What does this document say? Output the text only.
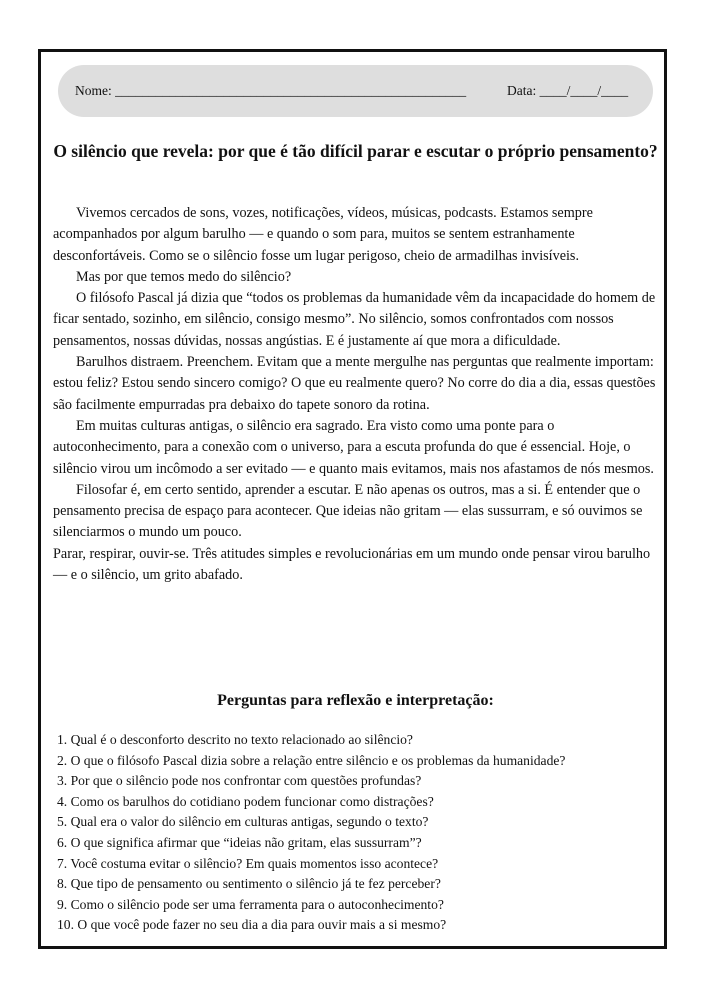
Nome: ____________________________________________________	Data: ____/____/____
O silêncio que revela: por que é tão difícil parar e escutar o próprio pensamento?

Vivemos cercados de sons, vozes, notificações, vídeos, músicas, podcasts. Estamos sempre acompanhados por algum barulho — e quando o som para, muitos se sentem estranhamente desconfortáveis. Como se o silêncio fosse um lugar perigoso, cheio de armadilhas invisíveis.

Mas por que temos medo do silêncio?

O filósofo Pascal já dizia que “todos os problemas da humanidade vêm da incapacidade do homem de ficar sentado, sozinho, em silêncio, consigo mesmo”. No silêncio, somos confrontados com nossos pensamentos, nossas dúvidas, nossas angústias. E é justamente aí que mora a dificuldade.

Barulhos distraem. Preenchem. Evitam que a mente mergulhe nas perguntas que realmente importam: estou feliz? Estou sendo sincero comigo? O que eu realmente quero? No corre do dia a dia, essas questões são facilmente empurradas pra debaixo do tapete sonoro da rotina.

Em muitas culturas antigas, o silêncio era sagrado. Era visto como uma ponte para o autoconhecimento, para a conexão com o universo, para a escuta profunda do que é essencial. Hoje, o silêncio virou um incômodo a ser evitado — e quanto mais evitamos, mais nos afastamos de nós mesmos.

Filosofar é, em certo sentido, aprender a escutar. E não apenas os outros, mas a si. É entender que o pensamento precisa de espaço para acontecer. Que ideias não gritam — elas sussurram, e só ouvimos se silenciarmos o mundo um pouco.

Parar, respirar, ouvir-se. Três atitudes simples e revolucionárias em um mundo onde pensar virou barulho — e o silêncio, um grito abafado.

Perguntas para reflexão e interpretação:
1. Qual é o desconforto descrito no texto relacionado ao silêncio?
2. O que o filósofo Pascal dizia sobre a relação entre silêncio e os problemas da humanidade?
3. Por que o silêncio pode nos confrontar com questões profundas?
4. Como os barulhos do cotidiano podem funcionar como distrações?
5. Qual era o valor do silêncio em culturas antigas, segundo o texto?
6. O que significa afirmar que “ideias não gritam, elas sussurram”?
7. Você costuma evitar o silêncio? Em quais momentos isso acontece?
8. Que tipo de pensamento ou sentimento o silêncio já te fez perceber?
9. Como o silêncio pode ser uma ferramenta para o autoconhecimento?
10. O que você pode fazer no seu dia a dia para ouvir mais a si mesmo?
